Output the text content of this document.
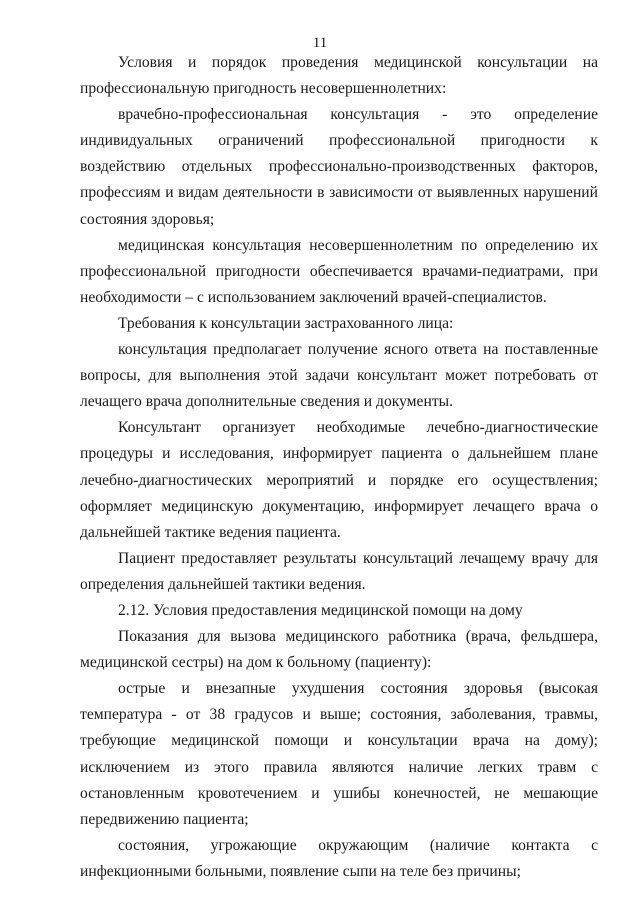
11

Условия и порядок проведения медицинской консультации на профессиональную пригодность несовершеннолетних:

врачебно-профессиональная консультация - это определение индивидуальных ограничений профессиональной пригодности к воздействию отдельных профессионально-производственных факторов, профессиям и видам деятельности в зависимости от выявленных нарушений состояния здоровья;

медицинская консультация несовершеннолетним по определению их профессиональной пригодности обеспечивается врачами-педиатрами, при необходимости – с использованием заключений врачей-специалистов.

Требования к консультации застрахованного лица:

консультация предполагает получение ясного ответа на поставленные вопросы, для выполнения этой задачи консультант может потребовать от лечащего врача дополнительные сведения и документы.

Консультант организует необходимые лечебно-диагностические процедуры и исследования, информирует пациента о дальнейшем плане лечебно-диагностических мероприятий и порядке его осуществления; оформляет медицинскую документацию, информирует лечащего врача о дальнейшей тактике ведения пациента.

Пациент предоставляет результаты консультаций лечащему врачу для определения дальнейшей тактики ведения.

2.12. Условия предоставления медицинской помощи на дому

Показания для вызова медицинского работника (врача, фельдшера, медицинской сестры) на дом к больному (пациенту):

острые и внезапные ухудшения состояния здоровья (высокая температура - от 38 градусов и выше; состояния, заболевания, травмы, требующие медицинской помощи и консультации врача на дому); исключением из этого правила являются наличие легких травм с остановленным кровотечением и ушибы конечностей, не мешающие передвижению пациента;

состояния, угрожающие окружающим (наличие контакта с инфекционными больными, появление сыпи на теле без причины;
